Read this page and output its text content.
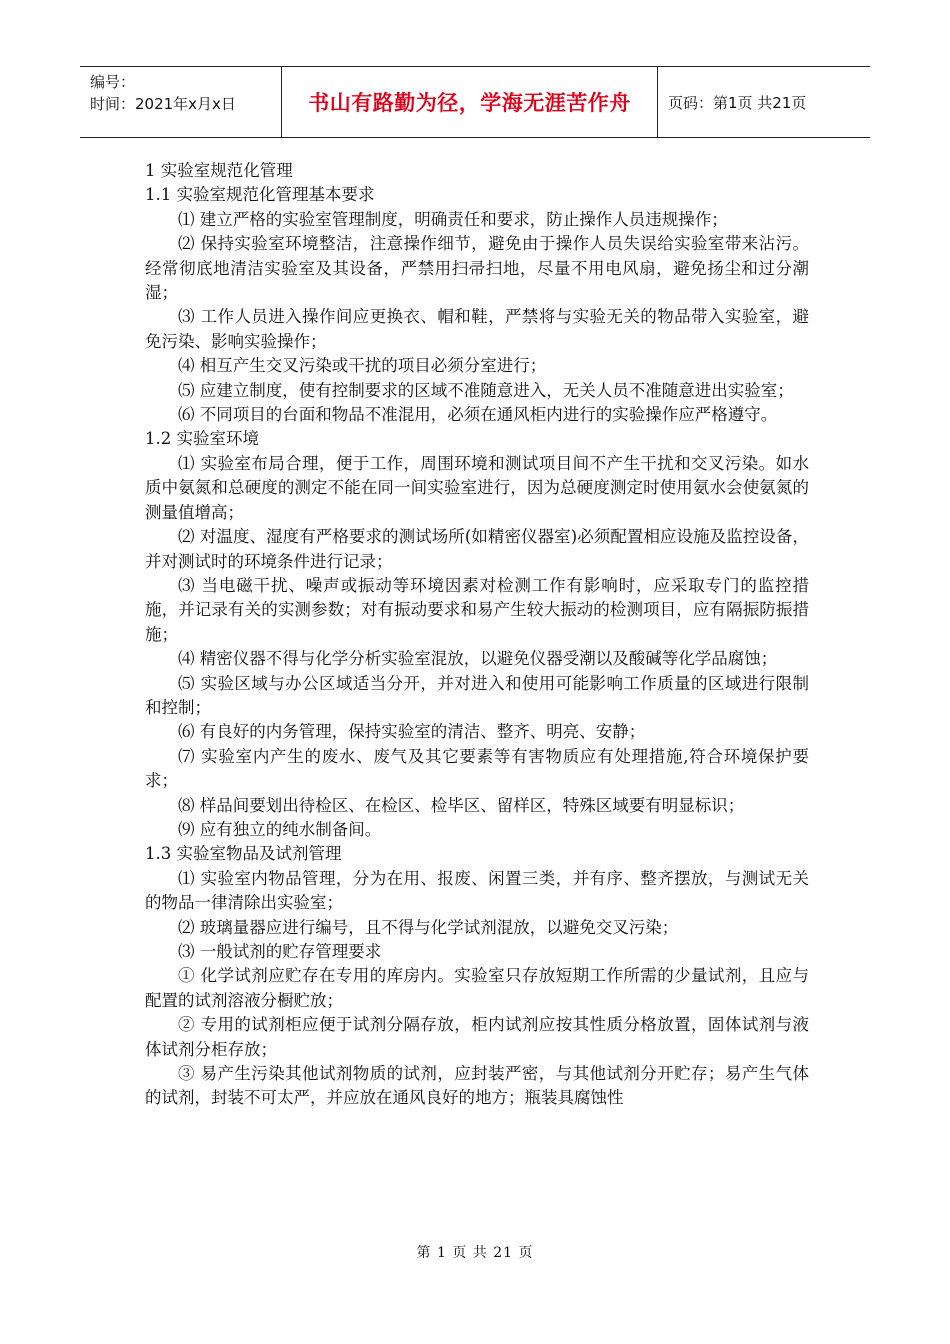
编号：
时间：2021年x月x日	书山有路勤为径，学海无涯苦作舟	页码：第1页 共21页

1 实验室规范化管理

1.1 实验室规范化管理基本要求

⑴ 建立严格的实验室管理制度，明确责任和要求，防止操作人员违规操作；

⑵ 保持实验室环境整洁，注意操作细节，避免由于操作人员失误给实验室带来沾污。经常彻底地清洁实验室及其设备，严禁用扫帚扫地，尽量不用电风扇，避免扬尘和过分潮湿；

⑶ 工作人员进入操作间应更换衣、帽和鞋，严禁将与实验无关的物品带入实验室，避免污染、影响实验操作；

⑷ 相互产生交叉污染或干扰的项目必须分室进行；

⑸ 应建立制度，使有控制要求的区域不准随意进入，无关人员不准随意进出实验室；

⑹ 不同项目的台面和物品不准混用，必须在通风柜内进行的实验操作应严格遵守。

1.2 实验室环境

⑴ 实验室布局合理，便于工作，周围环境和测试项目间不产生干扰和交叉污染。如水质中氨氮和总硬度的测定不能在同一间实验室进行，因为总硬度测定时使用氨水会使氨氮的测量值增高；

⑵ 对温度、湿度有严格要求的测试场所(如精密仪器室)必须配置相应设施及监控设备，并对测试时的环境条件进行记录；

⑶ 当电磁干扰、噪声或振动等环境因素对检测工作有影响时，应采取专门的监控措施，并记录有关的实测参数；对有振动要求和易产生较大振动的检测项目，应有隔振防振措施；

⑷ 精密仪器不得与化学分析实验室混放，以避免仪器受潮以及酸碱等化学品腐蚀；

⑸ 实验区域与办公区域适当分开，并对进入和使用可能影响工作质量的区域进行限制和控制；

⑹ 有良好的内务管理，保持实验室的清洁、整齐、明亮、安静；

⑺ 实验室内产生的废水、废气及其它要素等有害物质应有处理措施,符合环境保护要求；

⑻ 样品间要划出待检区、在检区、检毕区、留样区，特殊区域要有明显标识；

⑼ 应有独立的纯水制备间。

1.3 实验室物品及试剂管理

⑴ 实验室内物品管理，分为在用、报废、闲置三类，并有序、整齐摆放，与测试无关的物品一律清除出实验室；

⑵ 玻璃量器应进行编号，且不得与化学试剂混放，以避免交叉污染；

⑶ 一般试剂的贮存管理要求

① 化学试剂应贮存在专用的库房内。实验室只存放短期工作所需的少量试剂，且应与配置的试剂溶液分橱贮放；

② 专用的试剂柜应便于试剂分隔存放，柜内试剂应按其性质分格放置，固体试剂与液体试剂分柜存放；

③ 易产生污染其他试剂物质的试剂，应封装严密，与其他试剂分开贮存；易产生气体的试剂，封装不可太严，并应放在通风良好的地方；瓶装具腐蚀性

第 1 页 共 21 页
